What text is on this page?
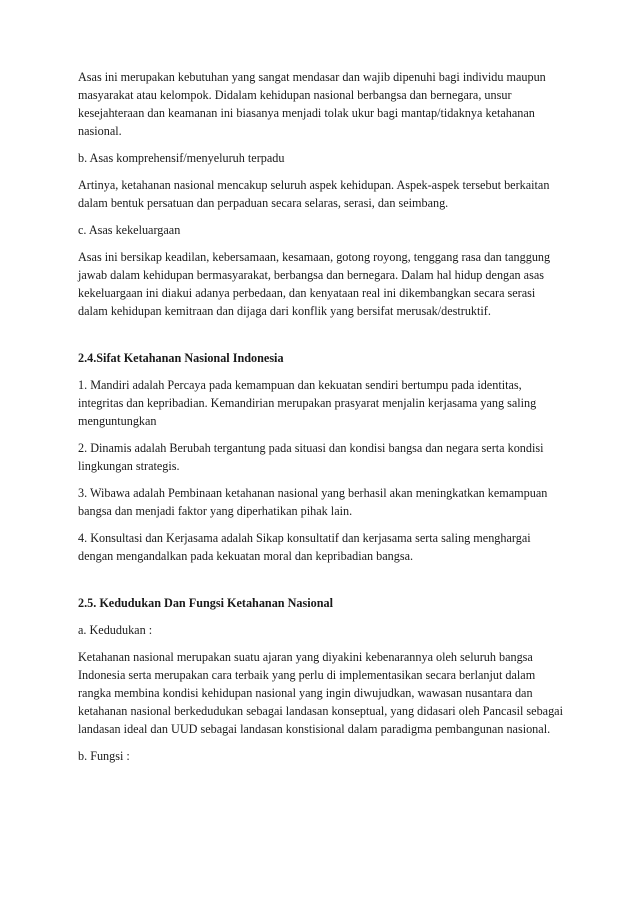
Asas ini merupakan kebutuhan yang sangat mendasar dan wajib dipenuhi bagi individu maupun masyarakat atau kelompok. Didalam kehidupan nasional berbangsa dan bernegara, unsur kesejahteraan dan keamanan ini biasanya menjadi tolak ukur bagi mantap/tidaknya ketahanan nasional.

b. Asas komprehensif/menyeluruh terpadu

Artinya, ketahanan nasional mencakup seluruh aspek kehidupan. Aspek-aspek tersebut berkaitan dalam bentuk persatuan dan perpaduan secara selaras, serasi, dan seimbang.

c. Asas kekeluargaan

Asas ini bersikap keadilan, kebersamaan, kesamaan, gotong royong, tenggang rasa dan tanggung jawab dalam kehidupan bermasyarakat, berbangsa dan bernegara. Dalam hal hidup dengan asas kekeluargaan ini diakui adanya perbedaan, dan kenyataan real ini dikembangkan secara serasi dalam kehidupan kemitraan dan dijaga dari konflik yang bersifat merusak/destruktif.

2.4.Sifat Ketahanan Nasional Indonesia

1. Mandiri adalah Percaya pada kemampuan dan kekuatan sendiri bertumpu pada identitas, integritas dan kepribadian. Kemandirian merupakan prasyarat menjalin kerjasama yang saling menguntungkan

2. Dinamis adalah Berubah tergantung pada situasi dan kondisi bangsa dan negara serta kondisi lingkungan strategis.

3. Wibawa adalah Pembinaan ketahanan nasional yang berhasil akan meningkatkan kemampuan bangsa dan menjadi faktor yang diperhatikan pihak lain.

4. Konsultasi dan Kerjasama adalah Sikap konsultatif dan kerjasama serta saling menghargai dengan mengandalkan pada kekuatan moral dan kepribadian bangsa.

2.5. Kedudukan Dan Fungsi Ketahanan Nasional

a. Kedudukan :

Ketahanan nasional merupakan suatu ajaran yang diyakini kebenarannya oleh seluruh bangsa Indonesia serta merupakan cara terbaik yang perlu di implementasikan secara berlanjut dalam rangka membina kondisi kehidupan nasional yang ingin diwujudkan, wawasan nusantara dan ketahanan nasional berkedudukan sebagai landasan konseptual, yang didasari oleh Pancasil sebagai landasan ideal dan UUD sebagai landasan konstisional dalam paradigma pembangunan nasional.

b. Fungsi :
